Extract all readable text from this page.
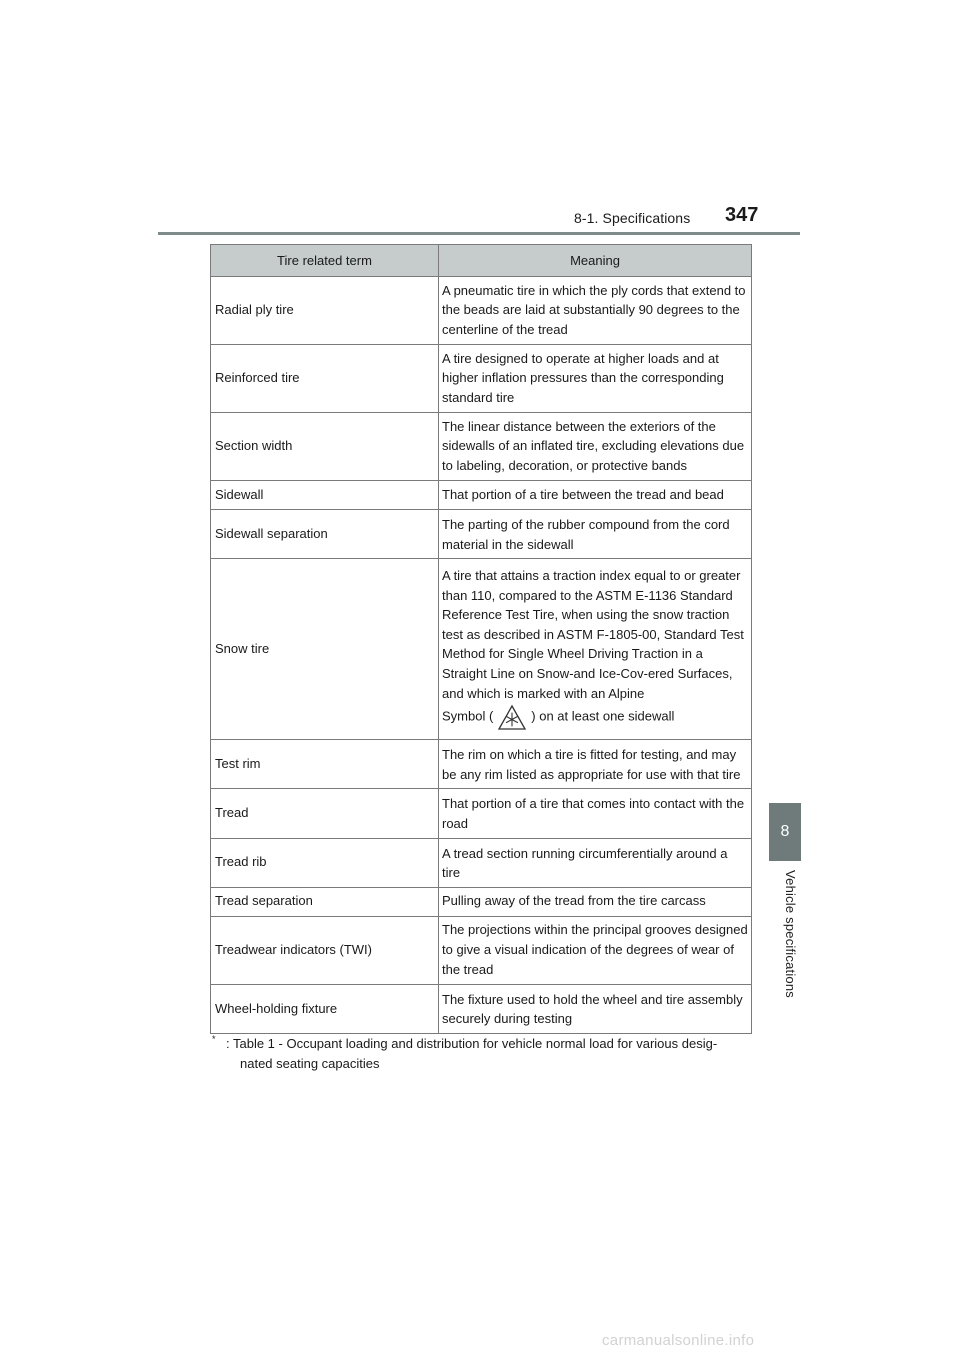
8-1. Specifications 347
8
Vehicle specifications
Tire related term	Meaning
Radial ply tire	A pneumatic tire in which the ply cords that extend to the beads are laid at substantially 90 degrees to the centerline of the tread
Reinforced tire	A tire designed to operate at higher loads and at higher inflation pressures than the corresponding standard tire
Section width	The linear distance between the exteriors of the sidewalls of an inflated tire, excluding elevations due to labeling, decoration, or protective bands
Sidewall	That portion of a tire between the tread and bead
Sidewall separation	The parting of the rubber compound from the cord material in the sidewall
Snow tire	A tire that attains a traction index equal to or greater than 110, compared to the ASTM E-1136 Standard Reference Test Tire, when using the snow traction test as described in ASTM F-1805-00, Standard Test Method for Single Wheel Driving Traction in a Straight Line on Snow-and Ice-Cov-ered Surfaces, and which is marked with an Alpine
Symbol ( ) on at least one sidewall
Test rim	The rim on which a tire is fitted for testing, and may be any rim listed as appropriate for use with that tire
Tread	That portion of a tire that comes into contact with the road
Tread rib	A tread section running circumferentially around a tire
Tread separation	Pulling away of the tread from the tire carcass
Treadwear indicators (TWI)	The projections within the principal grooves designed to give a visual indication of the degrees of wear of the tread
Wheel-holding fixture	The fixture used to hold the wheel and tire assembly securely during testing
* : Table 1 - Occupant loading and distribution for vehicle normal load for various desig-
nated seating capacities
carmanualsonline.info
